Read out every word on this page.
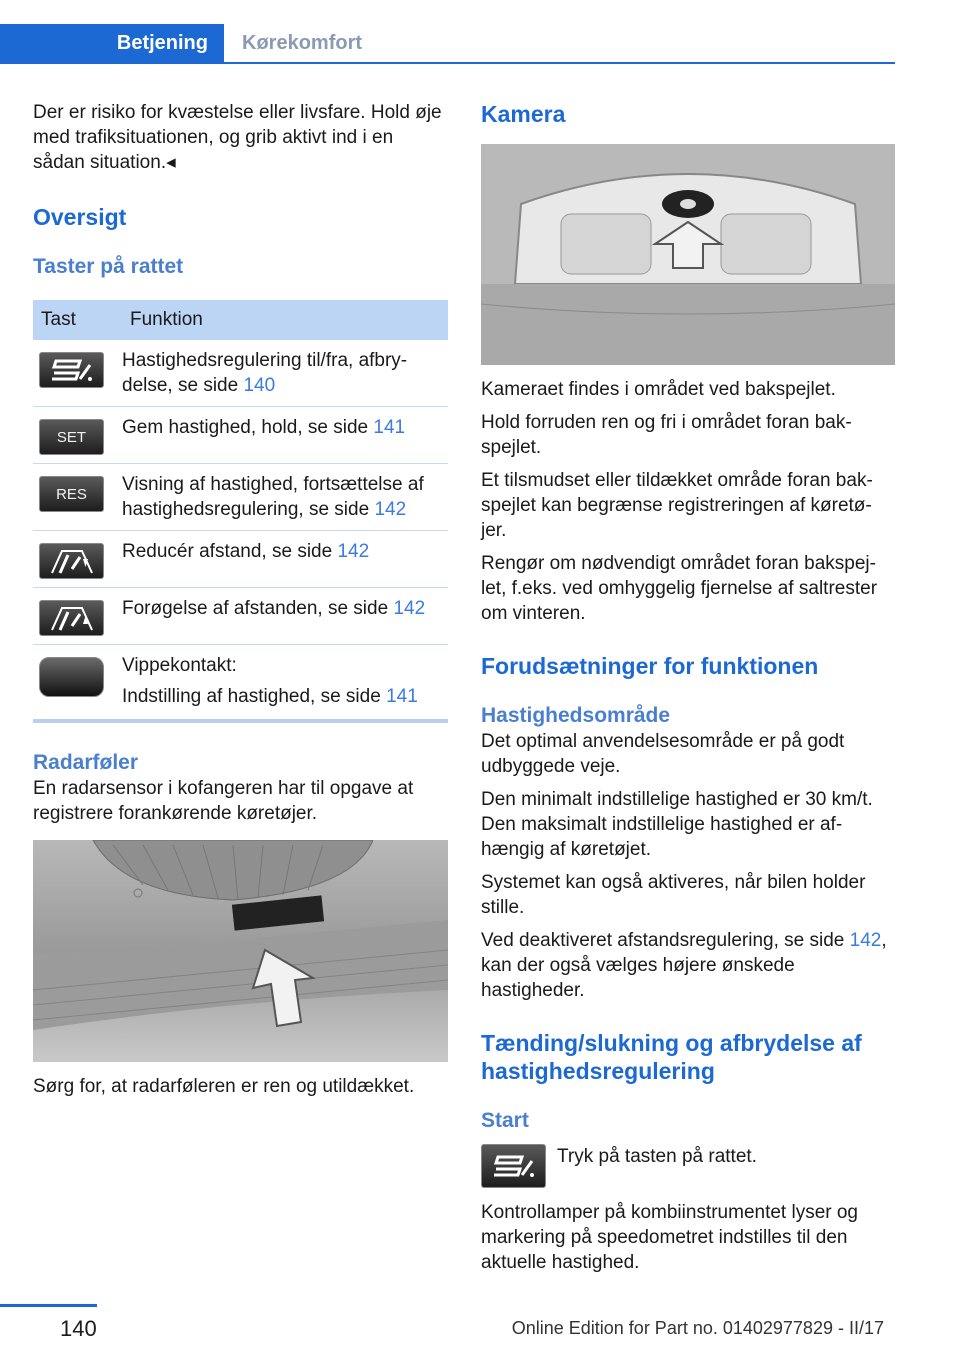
Betjening	Kørekomfort

Der er risiko for kvæstelse eller livsfare. Hold øje med trafiksituationen, og grib aktivt ind i en sådan situation.◂

Oversigt
Taster på rattet
Tast	Funktion

	Hastighedsregulering til/fra, afbry-delse, se side 140

SET	Gem hastighed, hold, se side 141

RES	Visning af hastighed, fortsættelse af hastighedsregulering, se side 142

	Reducér afstand, se side 142

	Forøgelse af afstanden, se side 142

	Vippekontakt:
Indstilling af hastighed, se side 141
Radarføler

En radarsensor i kofangeren har til opgave at registrere forankørende køretøjer.

Sørg for, at radarføleren er ren og utildækket.

Kamera

Kameraet findes i området ved bakspejlet.

Hold forruden ren og fri i området foran bak-spejlet.

Et tilsmudset eller tildækket område foran bak-spejlet kan begrænse registreringen af køretø-jer.

Rengør om nødvendigt området foran bakspej-let, f.eks. ved omhyggelig fjernelse af saltrester om vinteren.

Forudsætninger for funktionen
Hastighedsområde

Det optimal anvendelsesområde er på godt udbyggede veje.

Den minimalt indstillelige hastighed er 30 km/t. Den maksimalt indstillelige hastighed er af-hængig af køretøjet.

Systemet kan også aktiveres, når bilen holder stille.

Ved deaktiveret afstandsregulering, se side 142, kan der også vælges højere ønskede hastigheder.

Tænding/slukning og afbrydelse af hastighedsregulering
Start
Tryk på tasten på rattet.

Kontrollamper på kombiinstrumentet lyser og markering på speedometret indstilles til den aktuelle hastighed.

140	Online Edition for Part no. 01402977829 - II/17
